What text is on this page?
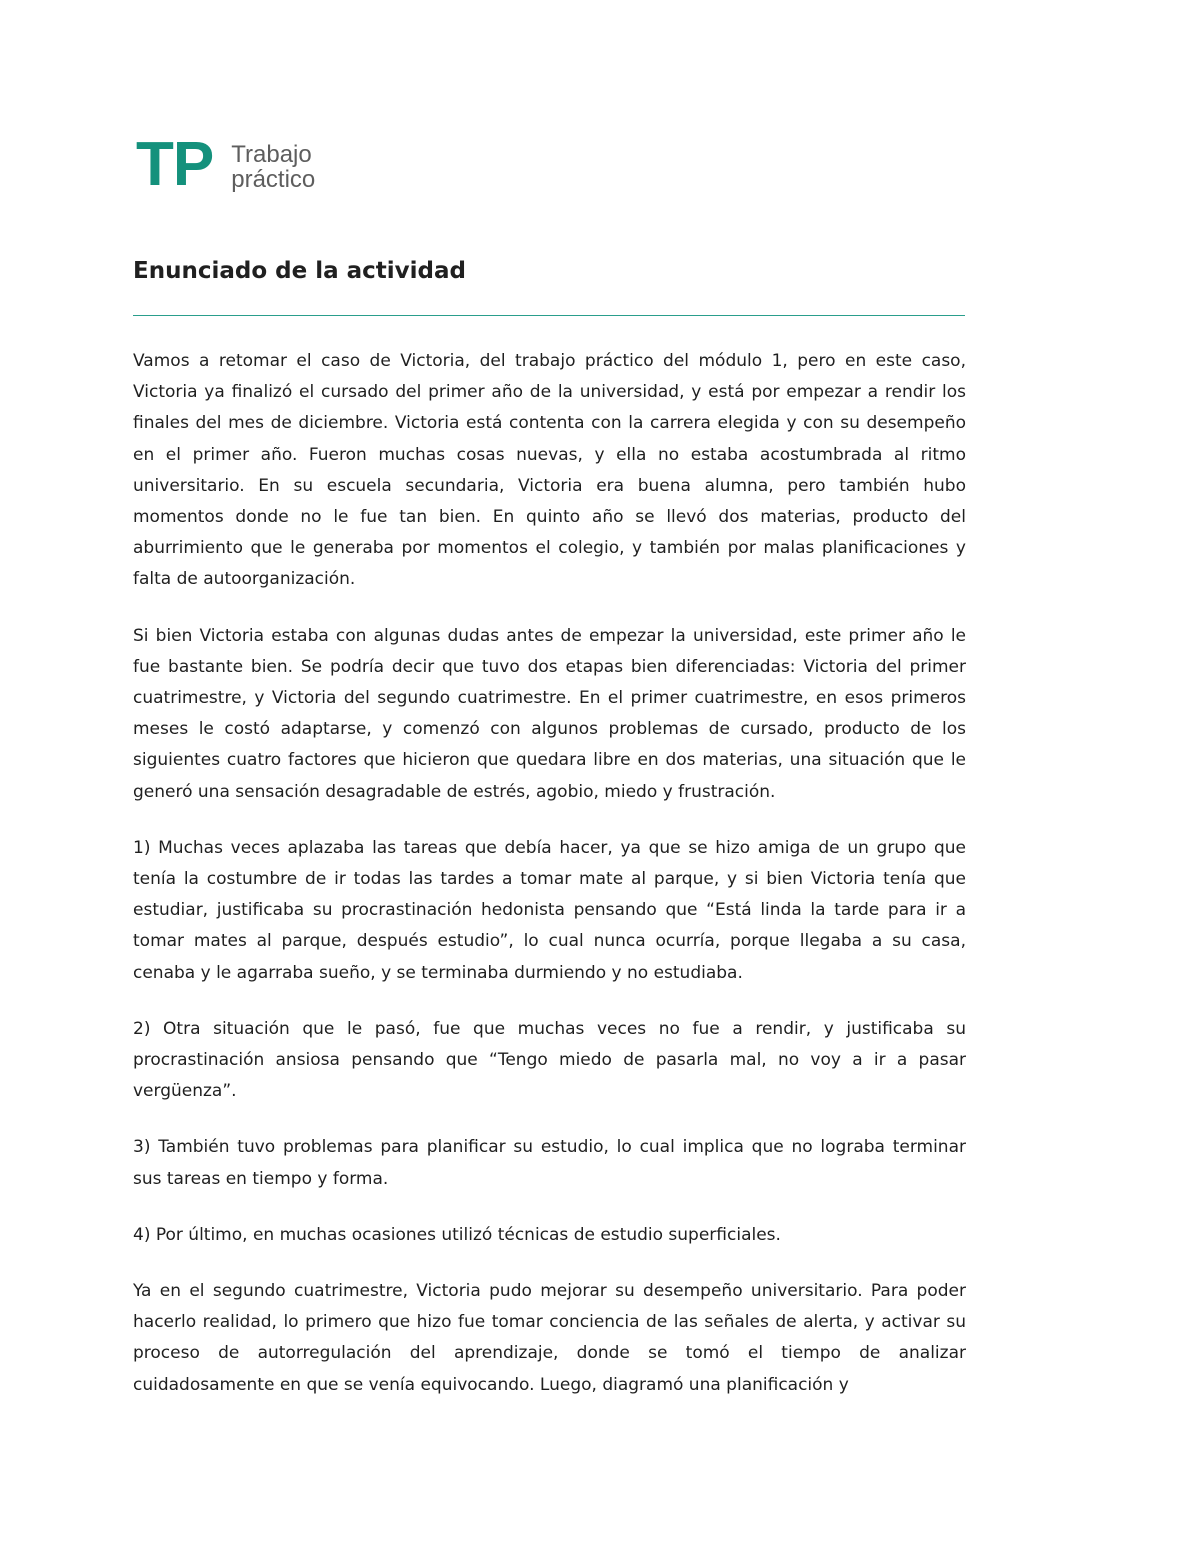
TP Trabajo
práctico
Enunciado de la actividad

Vamos a retomar el caso de Victoria, del trabajo práctico del módulo 1, pero en este caso, Victoria ya finalizó el cursado del primer año de la universidad, y está por empezar a rendir los finales del mes de diciembre. Victoria está contenta con la carrera elegida y con su desempeño en el primer año. Fueron muchas cosas nuevas, y ella no estaba acostumbrada al ritmo universitario. En su escuela secundaria, Victoria era buena alumna, pero también hubo momentos donde no le fue tan bien. En quinto año se llevó dos materias, producto del aburrimiento que le generaba por momentos el colegio, y también por malas planificaciones y falta de autoorganización.

Si bien Victoria estaba con algunas dudas antes de empezar la universidad, este primer año le fue bastante bien. Se podría decir que tuvo dos etapas bien diferenciadas: Victoria del primer cuatrimestre, y Victoria del segundo cuatrimestre. En el primer cuatrimestre, en esos primeros meses le costó adaptarse, y comenzó con algunos problemas de cursado, producto de los siguientes cuatro factores que hicieron que quedara libre en dos materias, una situación que le generó una sensación desagradable de estrés, agobio, miedo y frustración.

1) Muchas veces aplazaba las tareas que debía hacer, ya que se hizo amiga de un grupo que tenía la costumbre de ir todas las tardes a tomar mate al parque, y si bien Victoria tenía que estudiar, justificaba su procrastinación hedonista pensando que “Está linda la tarde para ir a tomar mates al parque, después estudio”, lo cual nunca ocurría, porque llegaba a su casa, cenaba y le agarraba sueño, y se terminaba durmiendo y no estudiaba.

2) Otra situación que le pasó, fue que muchas veces no fue a rendir, y justificaba su procrastinación ansiosa pensando que “Tengo miedo de pasarla mal, no voy a ir a pasar vergüenza”.

3) También tuvo problemas para planificar su estudio, lo cual implica que no lograba terminar sus tareas en tiempo y forma.

4) Por último, en muchas ocasiones utilizó técnicas de estudio superficiales.

Ya en el segundo cuatrimestre, Victoria pudo mejorar su desempeño universitario. Para poder hacerlo realidad, lo primero que hizo fue tomar conciencia de las señales de alerta, y activar su proceso de autorregulación del aprendizaje, donde se tomó el tiempo de analizar cuidadosamente en que se venía equivocando. Luego, diagramó una planificación y
